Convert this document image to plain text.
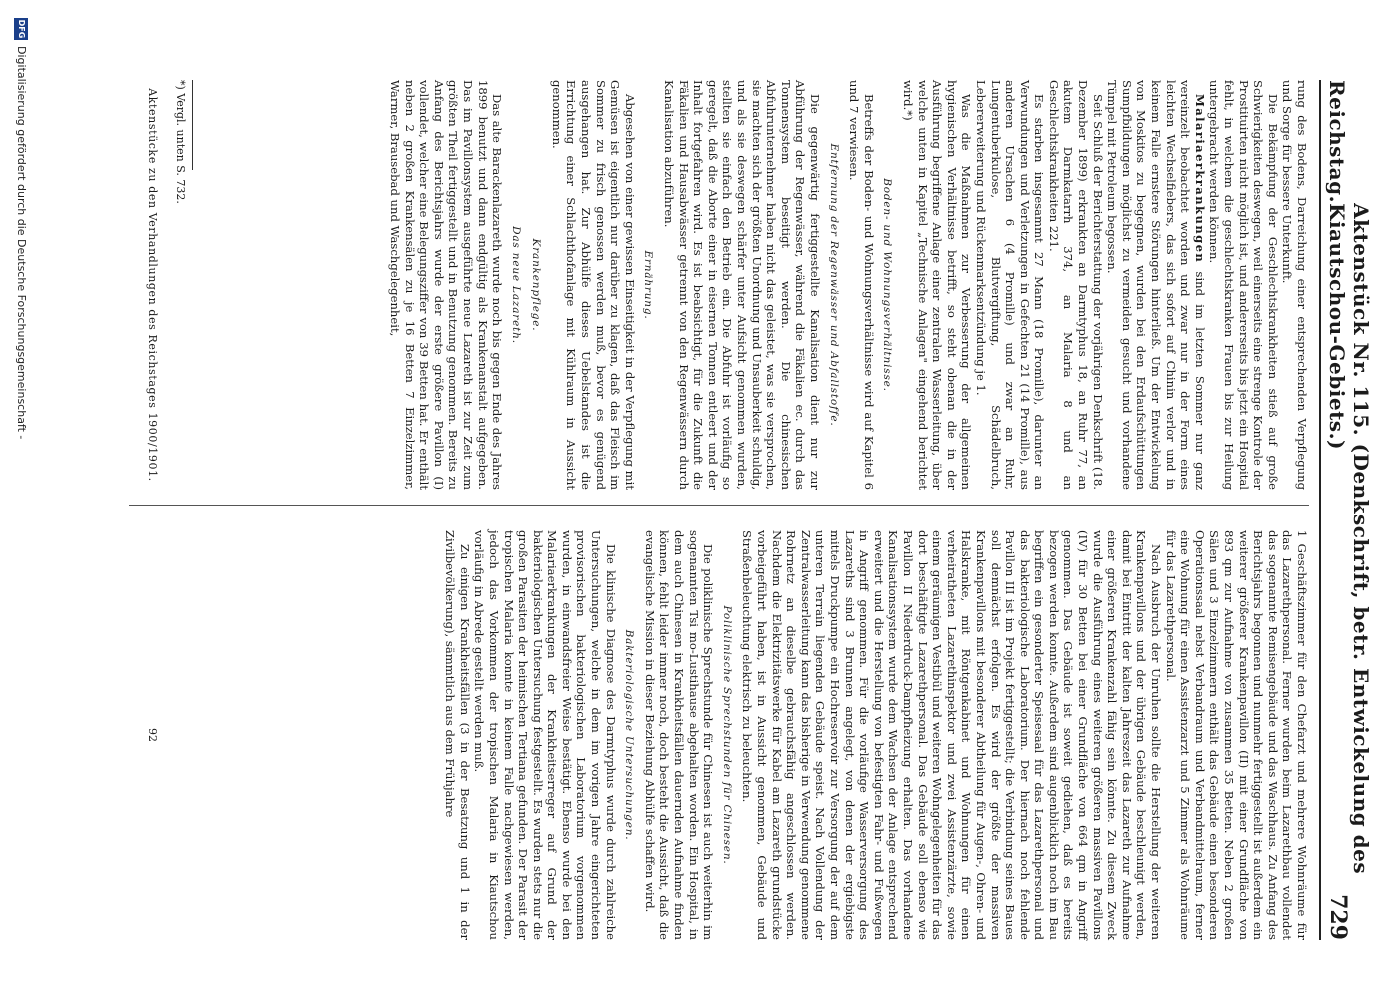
Reichstag.
Aktenstück Nr. 115. (Denkschrift, betr. Entwickelung des Kiautschou-Gebiets.)
729

rung des Bodens, Darreichung einer entsprechenden Verpflegung und Sorge für bessere Unterkunft.

Die Bekämpfung der Geschlechtskrankheiten stieß auf große Schwierigkeiten deswegen, weil einerseits eine strenge Kontrole der Prostituirten nicht möglich ist, und andererseits bis jetzt ein Hospital fehlt, in welchem die geschlechtskranken Frauen bis zur Heilung untergebracht werden können.

Malariaerkrankungen sind im letzten Sommer nur ganz vereinzelt beobachtet worden und zwar nur in der Form eines leichten Wechselfiebers, das sich sofort auf Chinin verlor und in keinem Falle ernstere Störungen hinterließ. Um der Entwickelung von Moskitos zu begegnen, wurden bei den Erdaufschüttungen Sumpfbildungen möglichst zu vermeiden gesucht und vorhandene Tümpel mit Petroleum begossen.

Seit Schluß der Berichterstattung der vorjährigen Denkschrift (18. Dezember 1899) erkrankten an Darmtyphus 18, an Ruhr 77, an akutem Darmkatarrh 374, an Malaria 8 und an Geschlechtskrankheiten 221.

Es starben insgesammt 27 Mann (18 Promille), darunter an Verwundungen und Verletzungen in Gefechten 21 (14 Promille), aus anderen Ursachen 6 (4 Promille) und zwar an Ruhr, Lungentuberkulose, Blutvergiftung, Schädelbruch, Lebererweiterung und Rückenmarksentzündung je 1.

Was die Maßnahmen zur Verbesserung der allgemeinen hygienischen Verhältnisse betrifft, so steht obenan die in der Ausführung begriffene Anlage einer zentralen Wasserleitung, über welche unten in Kapitel „Technische Anlagen" eingehend berichtet wird.*)

Boden- und Wohnungsverhältnisse.

Betreffs der Boden- und Wohnungsverhältnisse wird auf Kapitel 6 und 7 verwiesen.

Entfernung der Regenwässer und Abfallstoffe.

Die gegenwärtig fertiggestellte Kanalisation dient nur zur Abführung der Regenwässer, während die Fäkalien ec. durch das Tonnensystem beseitigt werden. Die chinesischen Abfuhrunternehmer haben nicht das geleistet, was sie versprochen, sie machten sich der größten Unordnung und Unsauberkeit schuldig, und als sie deswegen schärfer unter Aufsicht genommen wurden, stellten sie einfach den Betrieb ein. Die Abfuhr ist vorläufig so geregelt, daß die Aborte einer in eisernen Tonnen entleert und der Inhalt fortgefahren wird. Es ist beabsichtigt, für die Zukunft die Fäkalien und Hausabwässer getrennt von den Regenwässern durch Kanalisation abzuführen.

Ernährung.

Abgesehen von einer gewissen Einseitigkeit in der Verpflegung mit Gemüsen ist eigentlich nur darüber zu klagen, daß das Fleisch im Sommer zu frisch genossen werden muß, bevor es genügend ausgehangen hat. Zur Abhülfe dieses Uebelstandes ist die Errichtung einer Schlachthofanlage mit Kühlraum in Aussicht genommen.

Krankenpflege.
Das neue Lazareth.

Das alte Barackenlazareth wurde noch bis gegen Ende des Jahres 1899 benutzt und dann endgültig als Krankenanstalt aufgegeben. Das im Pavillonsystem ausgeführte neue Lazareth ist zur Zeit zum größten Theil fertiggestellt und in Benutzung genommen. Bereits zu Anfang des Berichtsjahrs wurde der erste größere Pavillon (I) vollendet, welcher eine Belegungsziffer von 39 Betten hat. Er enthält neben 2 großen Krankensälen zu je 16 Betten 7 Einzelzimmer, Warmer, Brausebad und Waschgelegenheit,

1 Geschäftszimmer für den Chefarzt und mehrere Wohnräume für das Lazarethpersonal. Ferner wurden beim Lazarethbau vollendet das sogenannte Remisengebäude und das Waschhaus. Zu Anfang des Berichtsjahrs begonnen und nunmehr fertiggestellt ist außerdem ein weiterer größerer Krankenpavillon (II) mit einer Grundfläche von 893 qm zur Aufnahme von zusammen 35 Betten. Neben 2 großen Sälen und 3 Einzelzimmern enthält das Gebäude einen besonderen Operationssaal nebst Verbandraum und Verbandmittelraum, ferner eine Wohnung für einen Assistenzarzt und 5 Zimmer als Wohnräume für das Lazarethpersonal.

Nach Ausbruch der Unruhen sollte die Herstellung der weiteren Krankenpavillons und der übrigen Gebäude beschleunigt werden, damit bei Eintritt der kalten Jahreszeit das Lazareth zur Aufnahme einer größeren Krankenzahl fähig sein könnte. Zu diesem Zweck wurde die Ausführung eines weiteren größeren massiven Pavillons (IV) für 30 Betten bei einer Grundfläche von 664 qm in Angriff genommen. Das Gebäude ist soweit gediehen, daß es bereits bezogen werden konnte. Außerdem sind augenblicklich noch im Bau begriffen ein gesonderter Speisesaal für das Lazarethpersonal und das bakteriologische Laboratorium. Der hiernach noch fehlende Pavillon III ist im Projekt fertiggestellt; die Verbindung seines Baues soll demnächst erfolgen. Es wird der größte der massiven Krankenpavillons mit besonderer Abtheilung für Augen-, Ohren- und Halskranke, mit Röntgenkabinet und Wohnungen für einen verheiratheten Lazarethinspektor und zwei Assistenzärzte, sowie einem geräumigen Vestibül und weiteren Wohngelegenheiten für das dort beschäftigte Lazarethpersonal. Das Gebäude soll ebenso wie Pavillon II Niederdruck-Dampfheizung erhalten. Das vorhandene Kanalisationssystem wurde dem Wachsen der Anlage entsprechend erweitert und die Herstellung von befestigten Fahr- und Fußwegen in Angriff genommen. Für die vorläufige Wasserversorgung des Lazareths sind 3 Brunnen angelegt, von denen der ergiebigste mittels Druckpumpe ein Hochreservoir zur Versorgung der auf dem unteren Terrain liegenden Gebäude speist. Nach Vollendung der Zentralwasserleitung kann das bisherige in Verwendung genommene Rohrnetz an dieselbe gebrauchsfähig angeschlossen werden. Nachdem die Elektrizitätswerke für Kabel am Lazareth grundstücke vorbeigeführt haben, ist in Aussicht genommen, Gebäude und Straßenbeleuchtung elektrisch zu beleuchten.

Poliklinische Sprechstunden für Chinesen.

Die poliklinische Sprechstunde für Chinesen ist auch weiterhin im sogenannten Tsi mo-Lustihause abgehalten worden. Ein Hospital, in dem auch Chinesen in Krankheitsfällen dauernden Aufnahme finden können, fehlt leider immer noch, doch besteht die Aussicht, daß die evangelische Mission in dieser Beziehung Abhülfe schaffen wird.

Bakteriologische Untersuchungen.

Die klinische Diagnose des Darmtyphus wurde durch zahlreiche Untersuchungen, welche in dem im vorigen Jahre eingerichteten provisorischen bakteriologischen Laboratorium vorgenommen wurden, in einwandsfreier Weise bestätigt. Ebenso wurde bei den Malariaerkrankungen der Krankheitserreger auf Grund der bakteriologischen Untersuchung festgestellt. Es wurden stets nur die großen Parasiten der heimischen Tertiana gefunden. Der Parasit der tropischen Malaria konnte in keinem Falle nachgewiesen werden, jedoch das Vorkommen der tropischen Malaria in Kiautschou vorläufig in Abrede gestellt werden muß.

Zu einigen Krankheitsfällen (3 in der Besatzung und 1 in der Zivilbevölkerung), sämmtlich aus dem Frühjahre

*) Vergl. unten S. 732.
Aktenstücke zu den Verhandlungen des Reichstages 1900/1901.
92
DFG
Digitalisierung gefördert durch die Deutsche Forschungsgemeinschaft -
